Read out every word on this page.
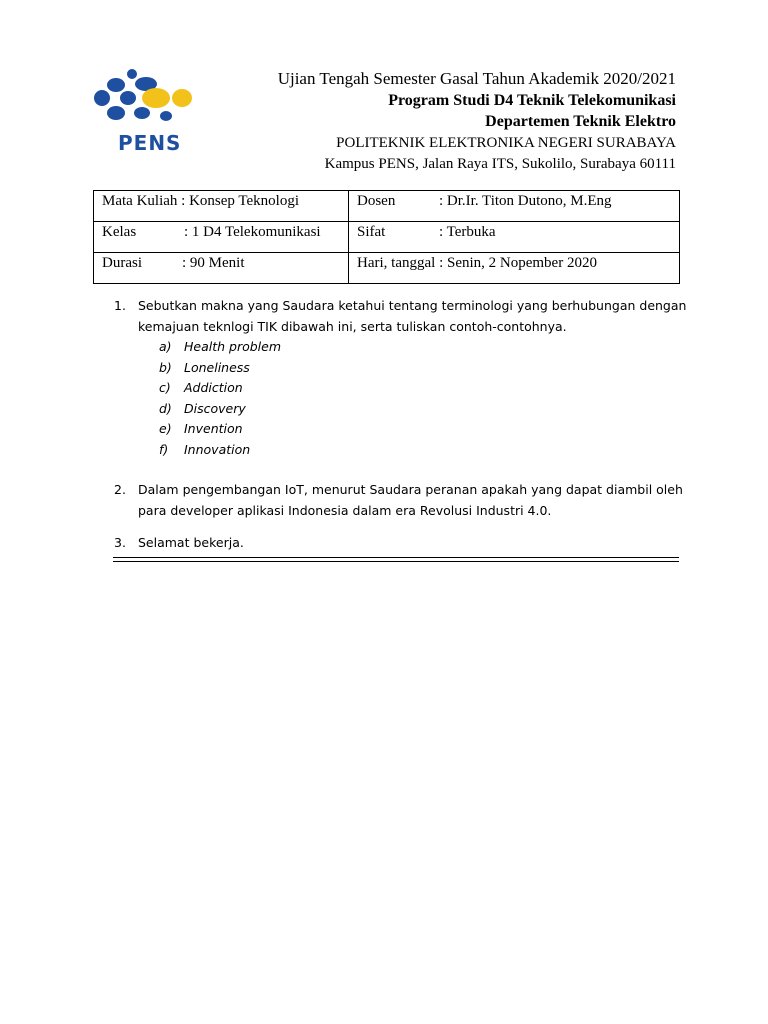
PENS
Ujian Tengah Semester Gasal Tahun Akademik 2020/2021
Program Studi D4 Teknik Telekomunikasi
Departemen Teknik Elektro
POLITEKNIK ELEKTRONIKA NEGERI SURABAYA
Kampus PENS, Jalan Raya ITS, Sukolilo, Surabaya 60111
Mata Kuliah : Konsep Teknologi	Dosen : Dr.Ir. Titon Dutono, M.Eng
Kelas : 1 D4 Telekomunikasi	Sifat : Terbuka
Durasi : 90 Menit	Hari, tanggal : Senin, 2 Nopember 2020
1. Sebutkan makna yang Saudara ketahui tentang terminologi yang berhubungan dengan kemajuan teknlogi TIK dibawah ini, serta tuliskan contoh-contohnya.
a) Health problem
b) Loneliness
c) Addiction
d) Discovery
e) Invention
f) Innovation
2. Dalam pengembangan IoT, menurut Saudara peranan apakah yang dapat diambil oleh para developer aplikasi Indonesia dalam era Revolusi Industri 4.0.
3. Selamat bekerja.
